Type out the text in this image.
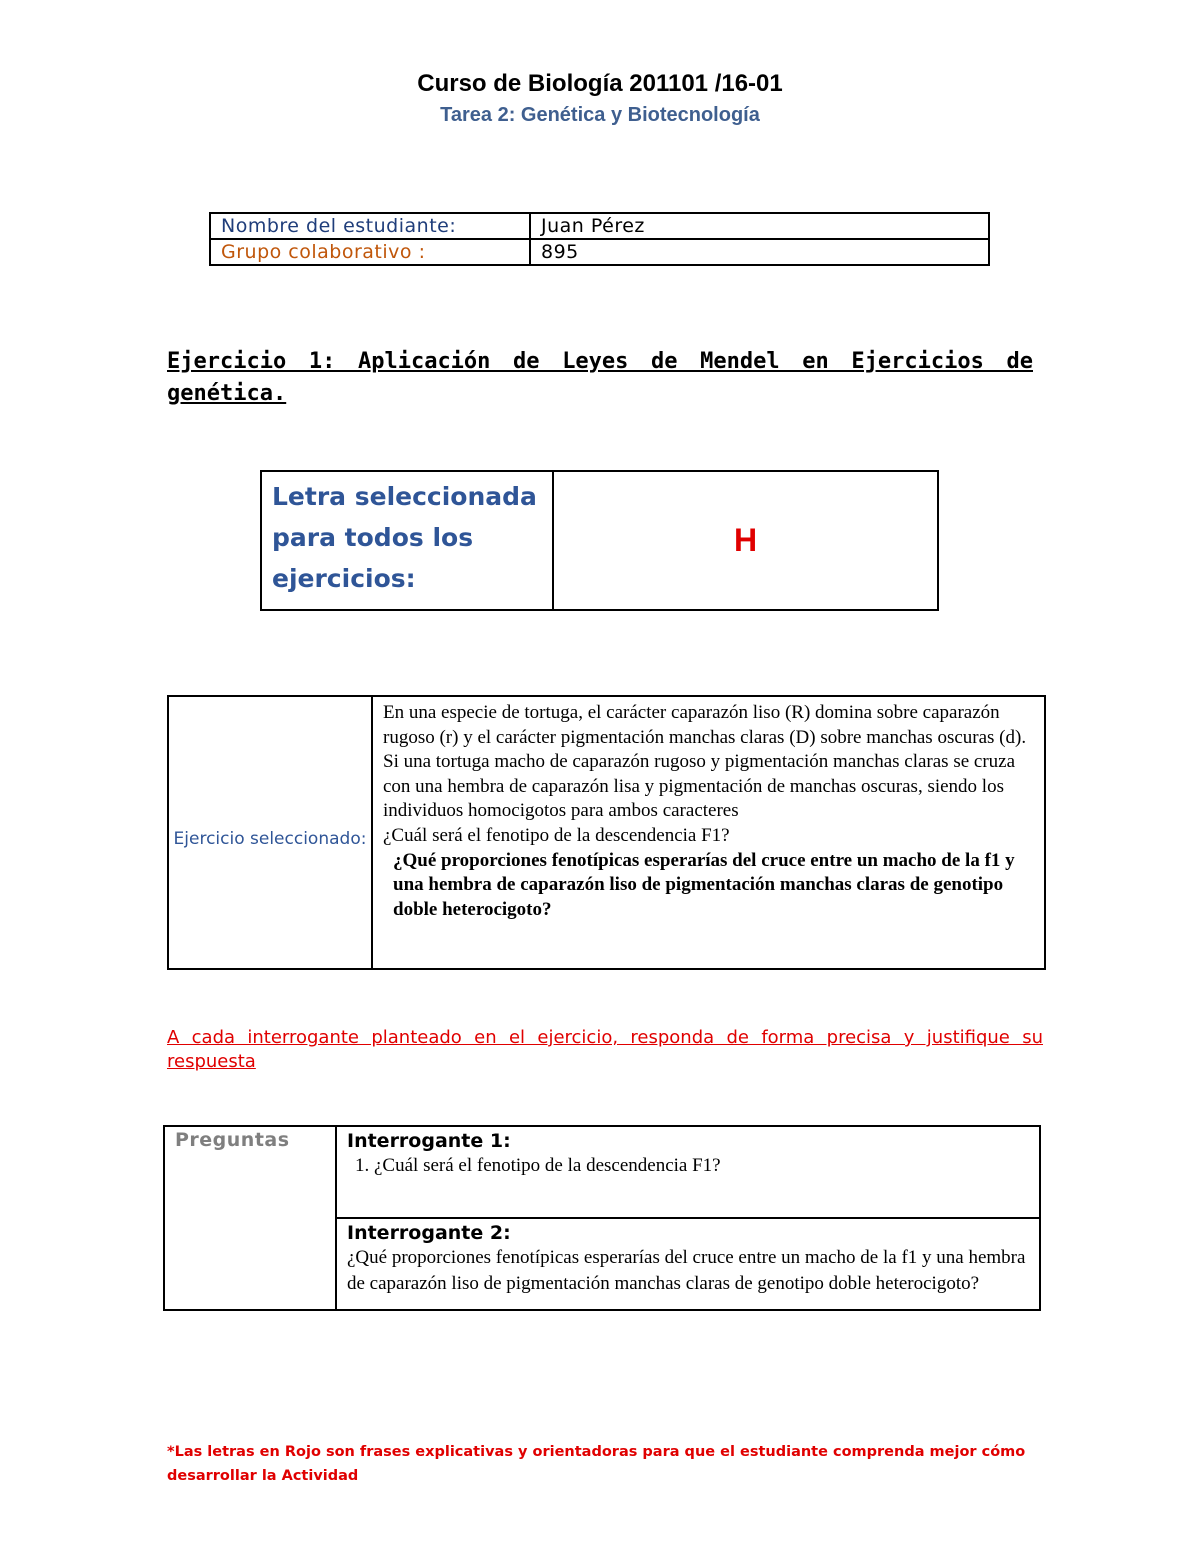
Curso de Biología 201101 /16-01
Tarea 2: Genética y Biotecnología
Nombre del estudiante:	Juan Pérez
Grupo colaborativo :	895
Ejercicio 1: Aplicación de Leyes de Mendel en Ejercicios de
genética.
Letra seleccionada para todos los ejercicios:	H
Ejercicio seleccionado:	

En una especie de tortuga, el carácter caparazón liso (R) domina sobre caparazón rugoso (r) y el carácter pigmentación manchas claras (D) sobre manchas oscuras (d).

Si una tortuga macho de caparazón rugoso y pigmentación manchas claras se cruza con una hembra de caparazón lisa y pigmentación de manchas oscuras, siendo los individuos homocigotos para ambos caracteres

¿Cuál será el fenotipo de la descendencia F1?

¿Qué proporciones fenotípicas esperarías del cruce entre un macho de la f1 y una hembra de caparazón liso de pigmentación manchas claras de genotipo doble heterocigoto?

A cada interrogante planteado en el ejercicio, responda de forma precisa y justifique su respuesta
Preguntas	Interrogante 1:
1. ¿Cuál será el fenotipo de la descendencia F1?

Interrogante 2:
¿Qué proporciones fenotípicas esperarías del cruce entre un macho de la f1 y una hembra de caparazón liso de pigmentación manchas claras de genotipo doble heterocigoto?
*Las letras en Rojo son frases explicativas y orientadoras para que el estudiante comprenda mejor cómo desarrollar la Actividad
